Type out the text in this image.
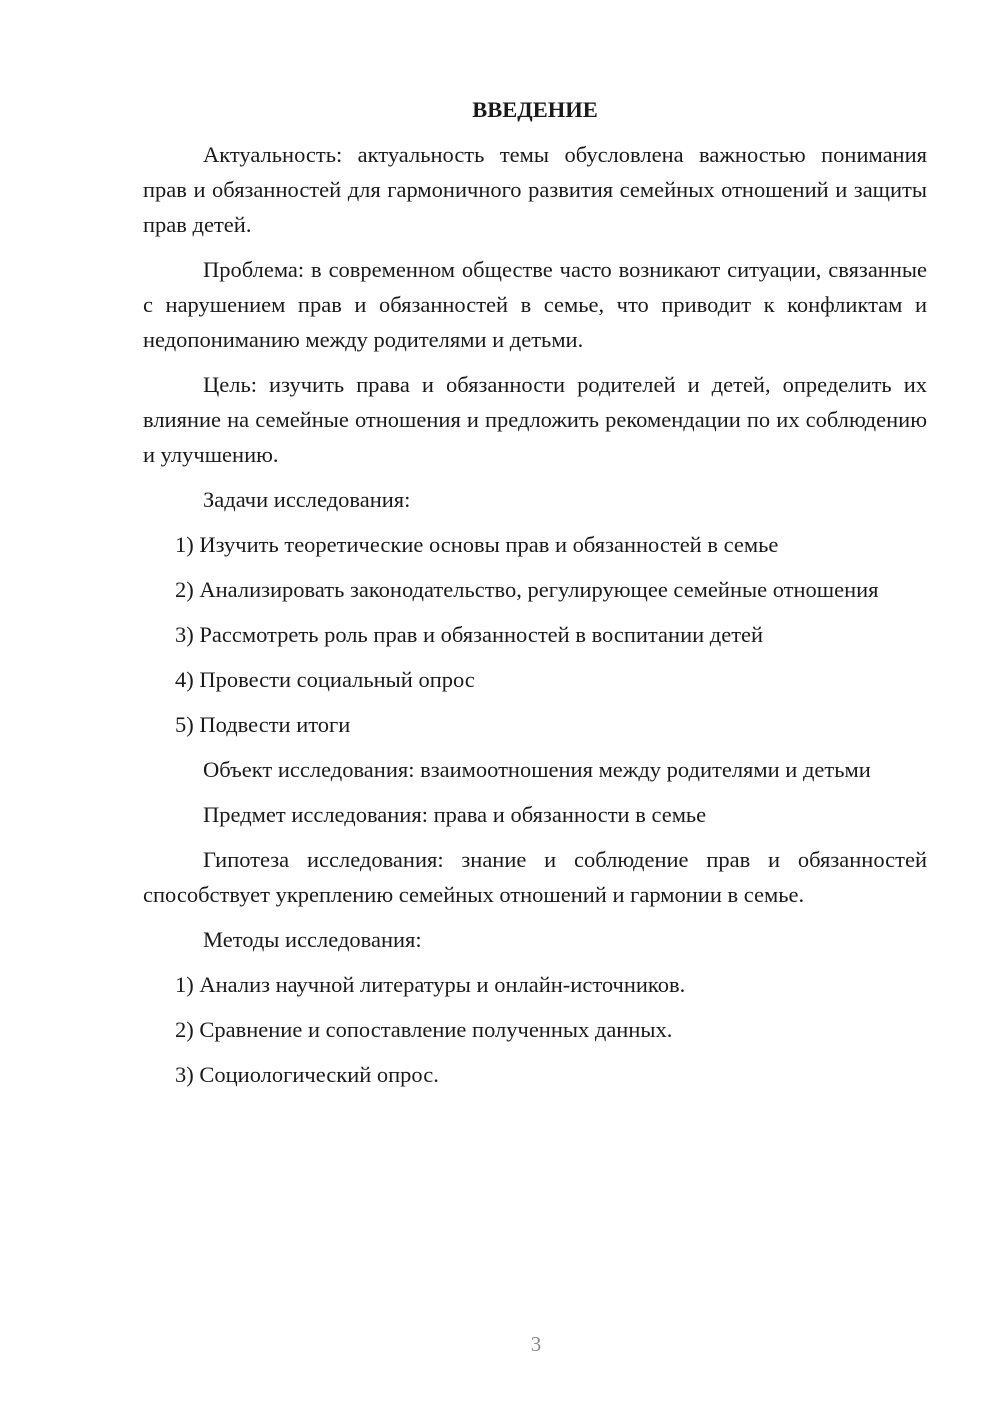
ВВЕДЕНИЕ

Актуальность: актуальность темы обусловлена важностью понимания прав и обязанностей для гармоничного развития семейных отношений и защиты прав детей.

Проблема: в современном обществе часто возникают ситуации, связанные с нарушением прав и обязанностей в семье, что приводит к конфликтам и недопониманию между родителями и детьми.

Цель: изучить права и обязанности родителей и детей, определить их влияние на семейные отношения и предложить рекомендации по их соблюдению и улучшению.

Задачи исследования:

1) Изучить теоретические основы прав и обязанностей в семье

2) Анализировать законодательство, регулирующее семейные отношения

3) Рассмотреть роль прав и обязанностей в воспитании детей

4) Провести социальный опрос

5) Подвести итоги

Объект исследования: взаимоотношения между родителями и детьми

Предмет исследования: права и обязанности в семье

Гипотеза исследования: знание и соблюдение прав и обязанностей способствует укреплению семейных отношений и гармонии в семье.

Методы исследования:

1) Анализ научной литературы и онлайн-источников.

2) Сравнение и сопоставление полученных данных.

3) Социологический опрос.

3
